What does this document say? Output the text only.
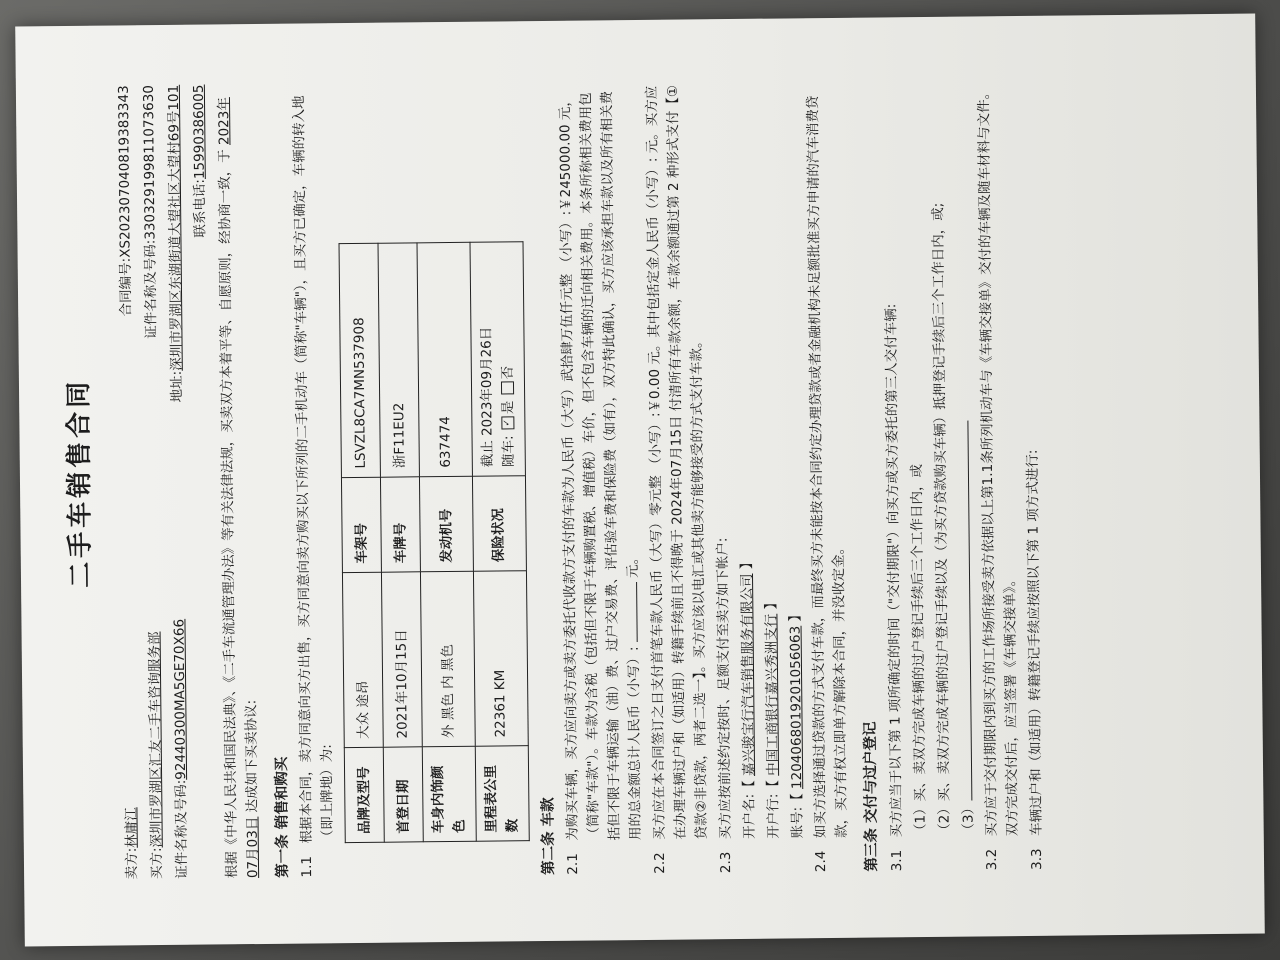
二手车销售合同
卖方:林庸江
合同编号:XS202307040819383343
买方:深圳市罗湖区汇友二手车咨询服务部
证件名称及号码:330329199811073630
证件名称及号码:92440300MA5GE70X66
地址:深圳市罗湖区东湖街道大望社区大望村69号101 联系电话:15990386005
根据《中华人民共和国民法典》、《二手车流通管理办法》等有关法律法规，买卖双方本着平等、自愿原则，经协商一致，于 2023年07月03日 达成如下买卖协议:
第一条 销售和购买 1.1
根据本合同，卖方同意向买方出售，买方同意向卖方购买以下所列的二手机动车（简称"车辆"），且买方已确定，车辆的转入地（即上牌地）为: 品牌及型号	大众 途昂	车架号	LSVZL8CA7MN537908
首登日期	2021年10月15日	车牌号	浙F11EU2
车身内饰颜色	外 黑色 内 黑色	发动机号	637474
里程表公里数	22361 KM	保险状况	截止 2023年09月26日 随车: ✓是 否
第二条 车款 2.1
为购买车辆，买方应向卖方或卖方委托代收款方支付的车款为人民币（大写）武拾肆万伍仟元整 （小写）:￥245000.00 元，（简称"车款"）。车款为含税（包括但不限于车辆购置税、增值税）车价，但不包含车辆的迁向相关费用。本条所称相关费用包括但不限于车辆运输（油）费、过户交易费、评估验车费和保险费（如有），双方特此确认，买方应该承担车款以及所有相关费用的总金额总计人民币（小写）:  元。
2.2
买方应在本合同签订之日支付首笔车款人民币（大写）零元整 （小写）:￥0.00 元。其中包括定金人民币（小写）: 元。买方应在办理车辆过户和（如适用）转籍手续前且不得晚于 2024年07月15日 付清所有车款余额，车款余额通过第 2 种形式支付【①贷款②非贷款，两者二选一】。买方应该以电汇或其他卖方能够接受的方式支付车款。
2.3
买方应按前述约定按时、足额支付至卖方如下帐户: 开户名:【 嘉兴骏宝行汽车销售服务有限公司 】
开户行:【 中国工商银行嘉兴秀洲支行 】
账号:【 1204068019201056063 】
2.4
如买方选择通过贷款的方式支付车款，而最终买方未能按本合同约定办理贷款或者金融机构未足额批准买方申请的汽车消费贷款，买方有权立即单方解除本合同，并没收定金。 第三条 交付与过户登记 3.1
买方应当于以下第 1 项所确定的时间（"交付期限"）向买方或买方委托的第三人交付车辆: （1）买、卖双方完成车辆的过户登记手续后三个工作日内，或 （2）买、卖双方完成车辆的过户登记手续以及（为买方贷款购买车辆）抵押登记手续后三个工作日内，或; （3）
3.2
买方应于交付期限内到买方的工作场所接受卖方依据以上第1.1条所列机动车与《车辆交接单》交付的车辆及随车材料与文件。双方完成交付后，应当签署《车辆交接单》。
3.3
车辆过户和（如适用）转籍登记手续应按照以下第 1 项方式进行:
